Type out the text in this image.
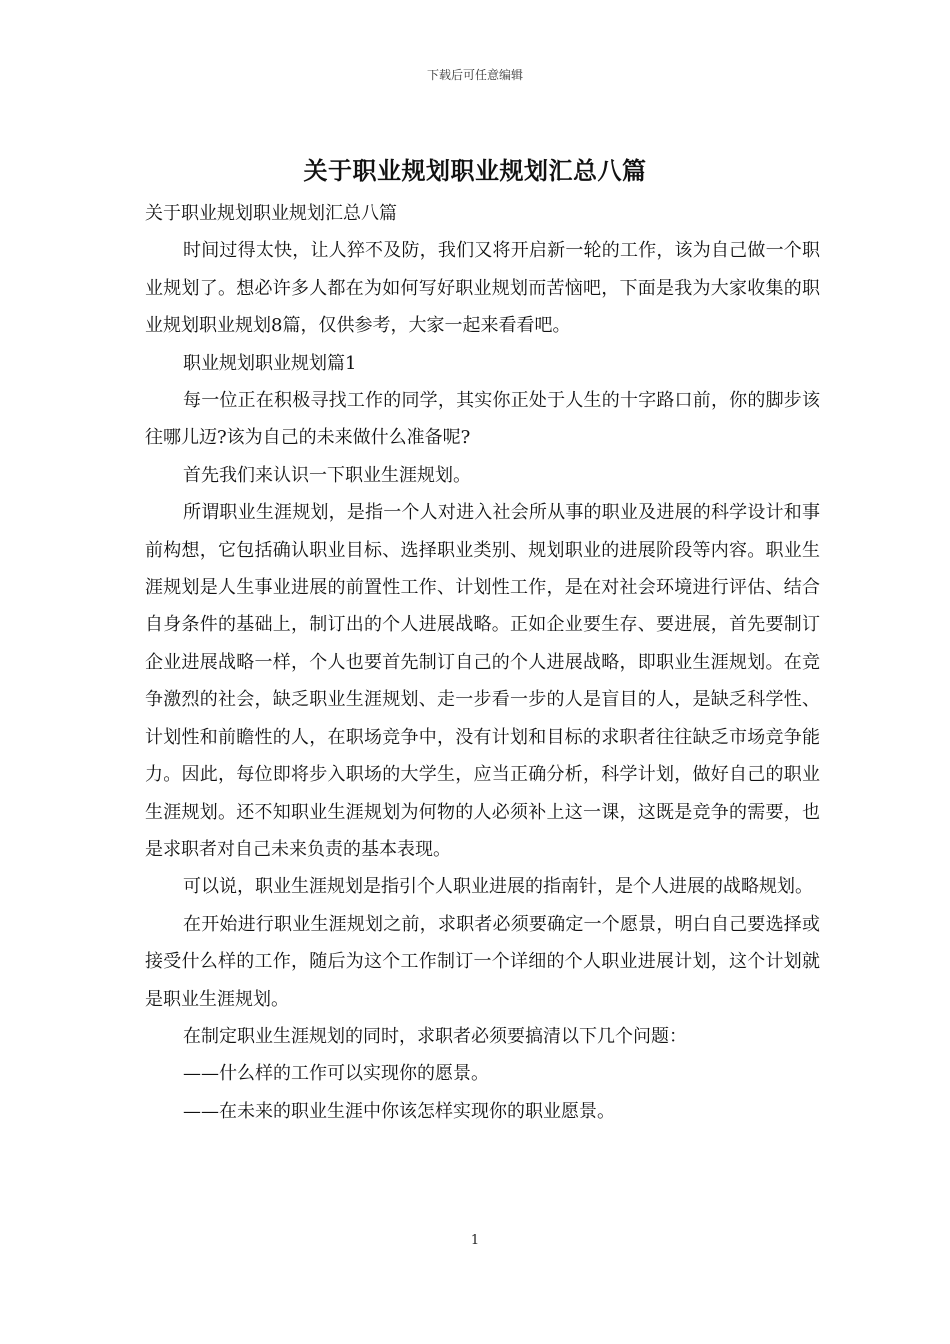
下载后可任意编辑
关于职业规划职业规划汇总八篇

关于职业规划职业规划汇总八篇

时间过得太快，让人猝不及防，我们又将开启新一轮的工作，该为自己做一个职业规划了。想必许多人都在为如何写好职业规划而苦恼吧，下面是我为大家收集的职业规划职业规划8篇，仅供参考，大家一起来看看吧。

职业规划职业规划篇1

每一位正在积极寻找工作的同学，其实你正处于人生的十字路口前，你的脚步该往哪儿迈?该为自己的未来做什么准备呢?

首先我们来认识一下职业生涯规划。

所谓职业生涯规划，是指一个人对进入社会所从事的职业及进展的科学设计和事前构想，它包括确认职业目标、选择职业类别、规划职业的进展阶段等内容。职业生涯规划是人生事业进展的前置性工作、计划性工作，是在对社会环境进行评估、结合自身条件的基础上，制订出的个人进展战略。正如企业要生存、要进展，首先要制订企业进展战略一样，个人也要首先制订自己的个人进展战略，即职业生涯规划。在竞争激烈的社会，缺乏职业生涯规划、走一步看一步的人是盲目的人，是缺乏科学性、计划性和前瞻性的人，在职场竞争中，没有计划和目标的求职者往往缺乏市场竞争能力。因此，每位即将步入职场的大学生，应当正确分析，科学计划，做好自己的职业生涯规划。还不知职业生涯规划为何物的人必须补上这一课，这既是竞争的需要，也是求职者对自己未来负责的基本表现。

可以说，职业生涯规划是指引个人职业进展的指南针，是个人进展的战略规划。

在开始进行职业生涯规划之前，求职者必须要确定一个愿景，明白自己要选择或接受什么样的工作，随后为这个工作制订一个详细的个人职业进展计划，这个计划就是职业生涯规划。

在制定职业生涯规划的同时，求职者必须要搞清以下几个问题：

——什么样的工作可以实现你的愿景。

——在未来的职业生涯中你该怎样实现你的职业愿景。

1
